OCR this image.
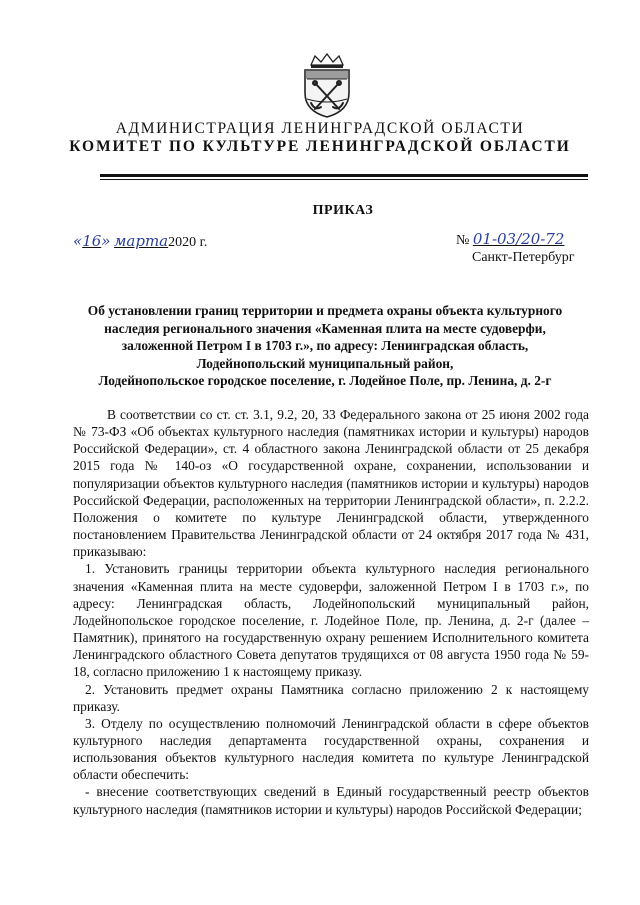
АДМИНИСТРАЦИЯ ЛЕНИНГРАДСКОЙ ОБЛАСТИ
КОМИТЕТ ПО КУЛЬТУРЕ ЛЕНИНГРАДСКОЙ ОБЛАСТИ
ПРИКАЗ
«16» марта2020 г.	№ 01-03/20-72
Санкт-Петербург
Об установлении границ территории и предмета охраны объекта культурного
наследия регионального значения «Каменная плита на месте судоверфи,
заложенной Петром I в 1703 г.», по адресу: Ленинградская область,
Лодейнопольский муниципальный район,
Лодейнопольское городское поселение, г. Лодейное Поле, пр. Ленина, д. 2-г

В соответствии со ст. ст. 3.1, 9.2, 20, 33 Федерального закона от 25 июня 2002 года № 73-ФЗ «Об объектах культурного наследия (памятниках истории и культуры) народов Российской Федерации», ст. 4 областного закона Ленинградской области от 25 декабря 2015 года № 140-оз «О государственной охране, сохранении, использовании и популяризации объектов культурного наследия (памятников истории и культуры) народов Российской Федерации, расположенных на территории Ленинградской области», п. 2.2.2. Положения о комитете по культуре Ленинградской области, утвержденного постановлением Правительства Ленинградской области от 24 октября 2017 года № 431, приказываю:

1. Установить границы территории объекта культурного наследия регионального значения «Каменная плита на месте судоверфи, заложенной Петром I в 1703 г.», по адресу: Ленинградская область, Лодейнопольский муниципальный район, Лодейнопольское городское поселение, г. Лодейное Поле, пр. Ленина, д. 2-г (далее – Памятник), принятого на государственную охрану решением Исполнительного комитета Ленинградского областного Совета депутатов трудящихся от 08 августа 1950 года № 59-18, согласно приложению 1 к настоящему приказу.

2. Установить предмет охраны Памятника согласно приложению 2 к настоящему приказу.

3. Отделу по осуществлению полномочий Ленинградской области в сфере объектов культурного наследия департамента государственной охраны, сохранения и использования объектов культурного наследия комитета по культуре Ленинградской области обеспечить:

- внесение соответствующих сведений в Единый государственный реестр объектов культурного наследия (памятников истории и культуры) народов Российской Федерации;
